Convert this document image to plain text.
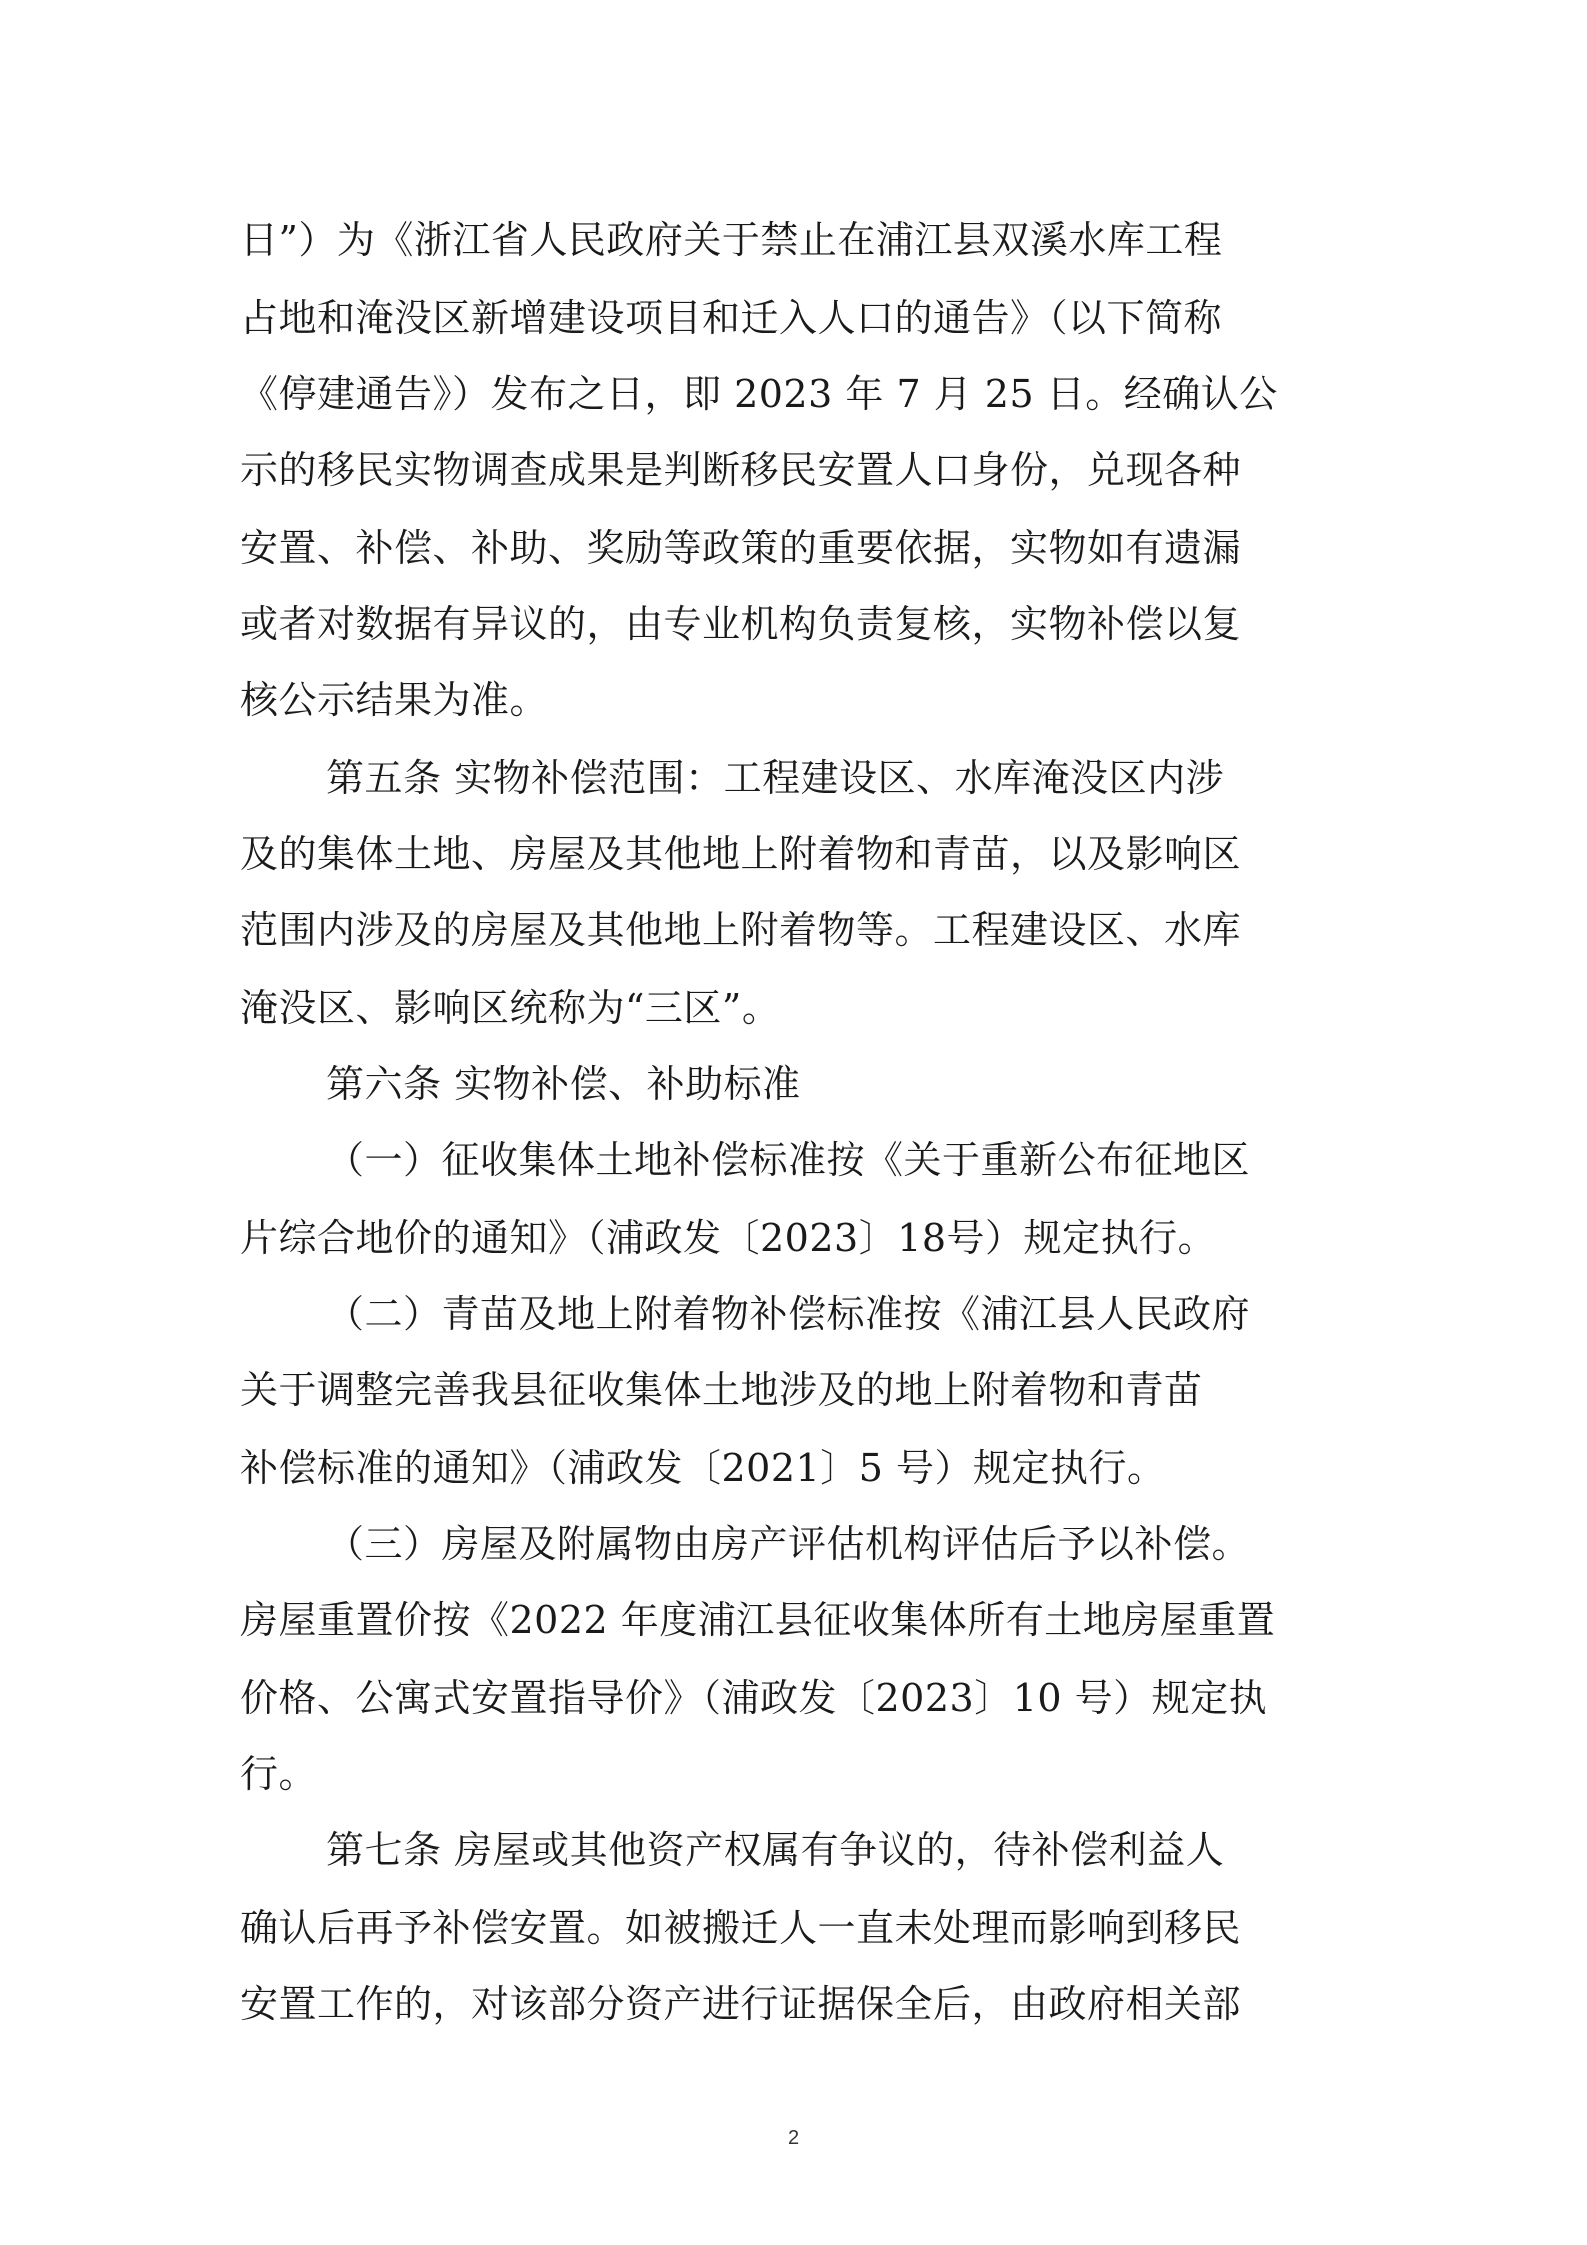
日”）为《浙江省人民政府关于禁止在浦江县双溪水库工程
占地和淹没区新增建设项目和迁入人口的通告》（以下简称
《停建通告》）发布之日，即 2023 年 7 月 25 日。经确认公
示的移民实物调查成果是判断移民安置人口身份，兑现各种
安置、补偿、补助、奖励等政策的重要依据，实物如有遗漏
或者对数据有异议的，由专业机构负责复核，实物补偿以复
核公示结果为准。
第五条 实物补偿范围：工程建设区、水库淹没区内涉
及的集体土地、房屋及其他地上附着物和青苗，以及影响区
范围内涉及的房屋及其他地上附着物等。工程建设区、水库
淹没区、影响区统称为“三区”。
第六条 实物补偿、补助标准
（一）征收集体土地补偿标准按《关于重新公布征地区
片综合地价的通知》（浦政发〔2023〕18号）规定执行。
（二）青苗及地上附着物补偿标准按《浦江县人民政府
关于调整完善我县征收集体土地涉及的地上附着物和青苗
补偿标准的通知》（浦政发〔2021〕5 号）规定执行。
（三）房屋及附属物由房产评估机构评估后予以补偿。
房屋重置价按《2022 年度浦江县征收集体所有土地房屋重置
价格、公寓式安置指导价》（浦政发〔2023〕10 号）规定执
行。
第七条 房屋或其他资产权属有争议的，待补偿利益人
确认后再予补偿安置。如被搬迁人一直未处理而影响到移民
安置工作的，对该部分资产进行证据保全后，由政府相关部
2
